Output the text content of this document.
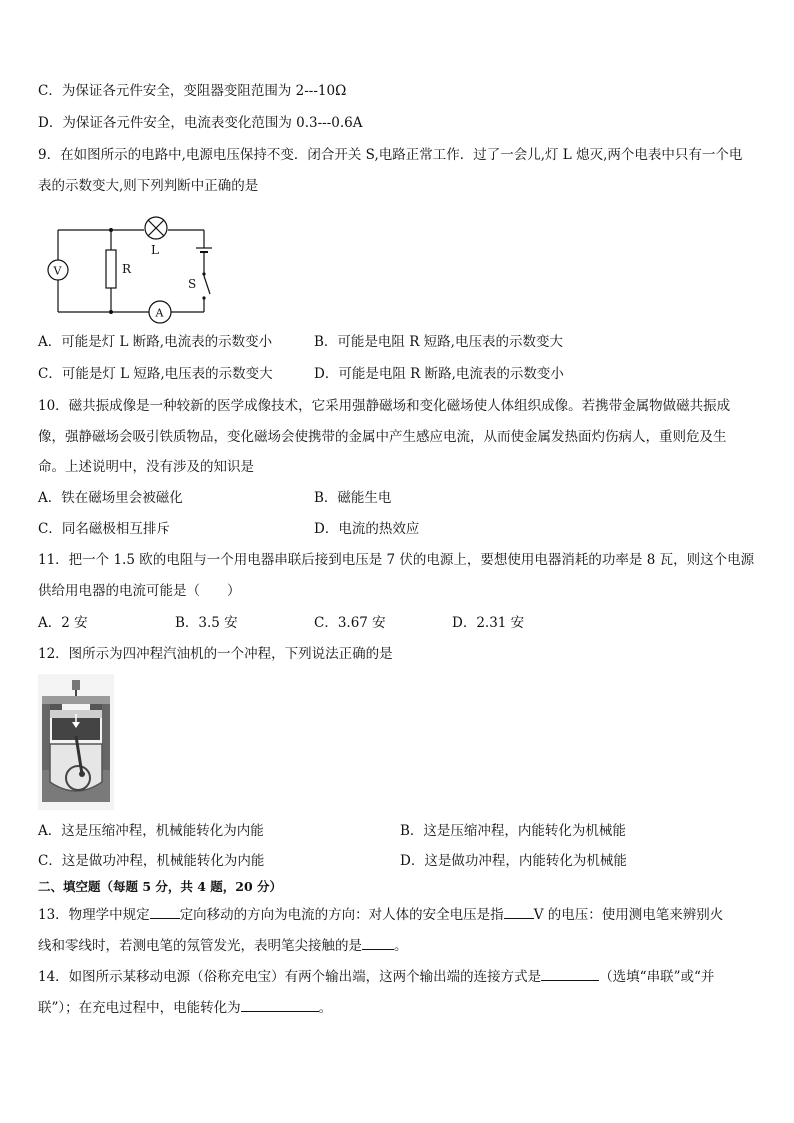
C．为保证各元件安全，变阻器变阻范围为 2---10Ω
D．为保证各元件安全，电流表变化范围为 0.3---0.6A
9．在如图所示的电路中,电源电压保持不变．闭合开关 S,电路正常工作．过了一会儿,灯 L 熄灭,两个电表中只有一个电
表的示数变大,则下列判断中正确的是
V	R
L
S
A
A．可能是灯 L 断路,电流表的示数变小	B．可能是电阻 R 短路,电压表的示数变大
C．可能是灯 L 短路,电压表的示数变大	D．可能是电阻 R 断路,电流表的示数变小
10．磁共振成像是一种较新的医学成像技术，它采用强静磁场和变化磁场使人体组织成像。若携带金属物做磁共振成
像，强静磁场会吸引铁质物品，变化磁场会使携带的金属中产生感应电流，从而使金属发热面灼伤病人，重则危及生
命。上述说明中，没有涉及的知识是
A．铁在磁场里会被磁化	B．磁能生电
C．同名磁极相互排斥	D．电流的热效应
11．把一个 1.5 欧的电阻与一个用电器串联后接到电压是 7 伏的电源上，要想使用电器消耗的功率是 8 瓦，则这个电源
供给用电器的电流可能是（　　）
A．2 安	B．3.5 安	C．3.67 安	D．2.31 安
12．图所示为四冲程汽油机的一个冲程，下列说法正确的是
A．这是压缩冲程，机械能转化为内能	B．这是压缩冲程，内能转化为机械能
C．这是做功冲程，机械能转化为内能	D．这是做功冲程，内能转化为机械能
二、填空题（每题 5 分，共 4 题，20 分）
13．物理学中规定 定向移动的方向为电流的方向：对人体的安全电压是指 V 的电压：使用测电笔来辨别火
线和零线时，若测电笔的氖管发光，表明笔尖接触的是 。
14．如图所示某移动电源（俗称充电宝）有两个输出端，这两个输出端的连接方式是	（选填“串联”或“并
联”）；在充电过程中，电能转化为	。
